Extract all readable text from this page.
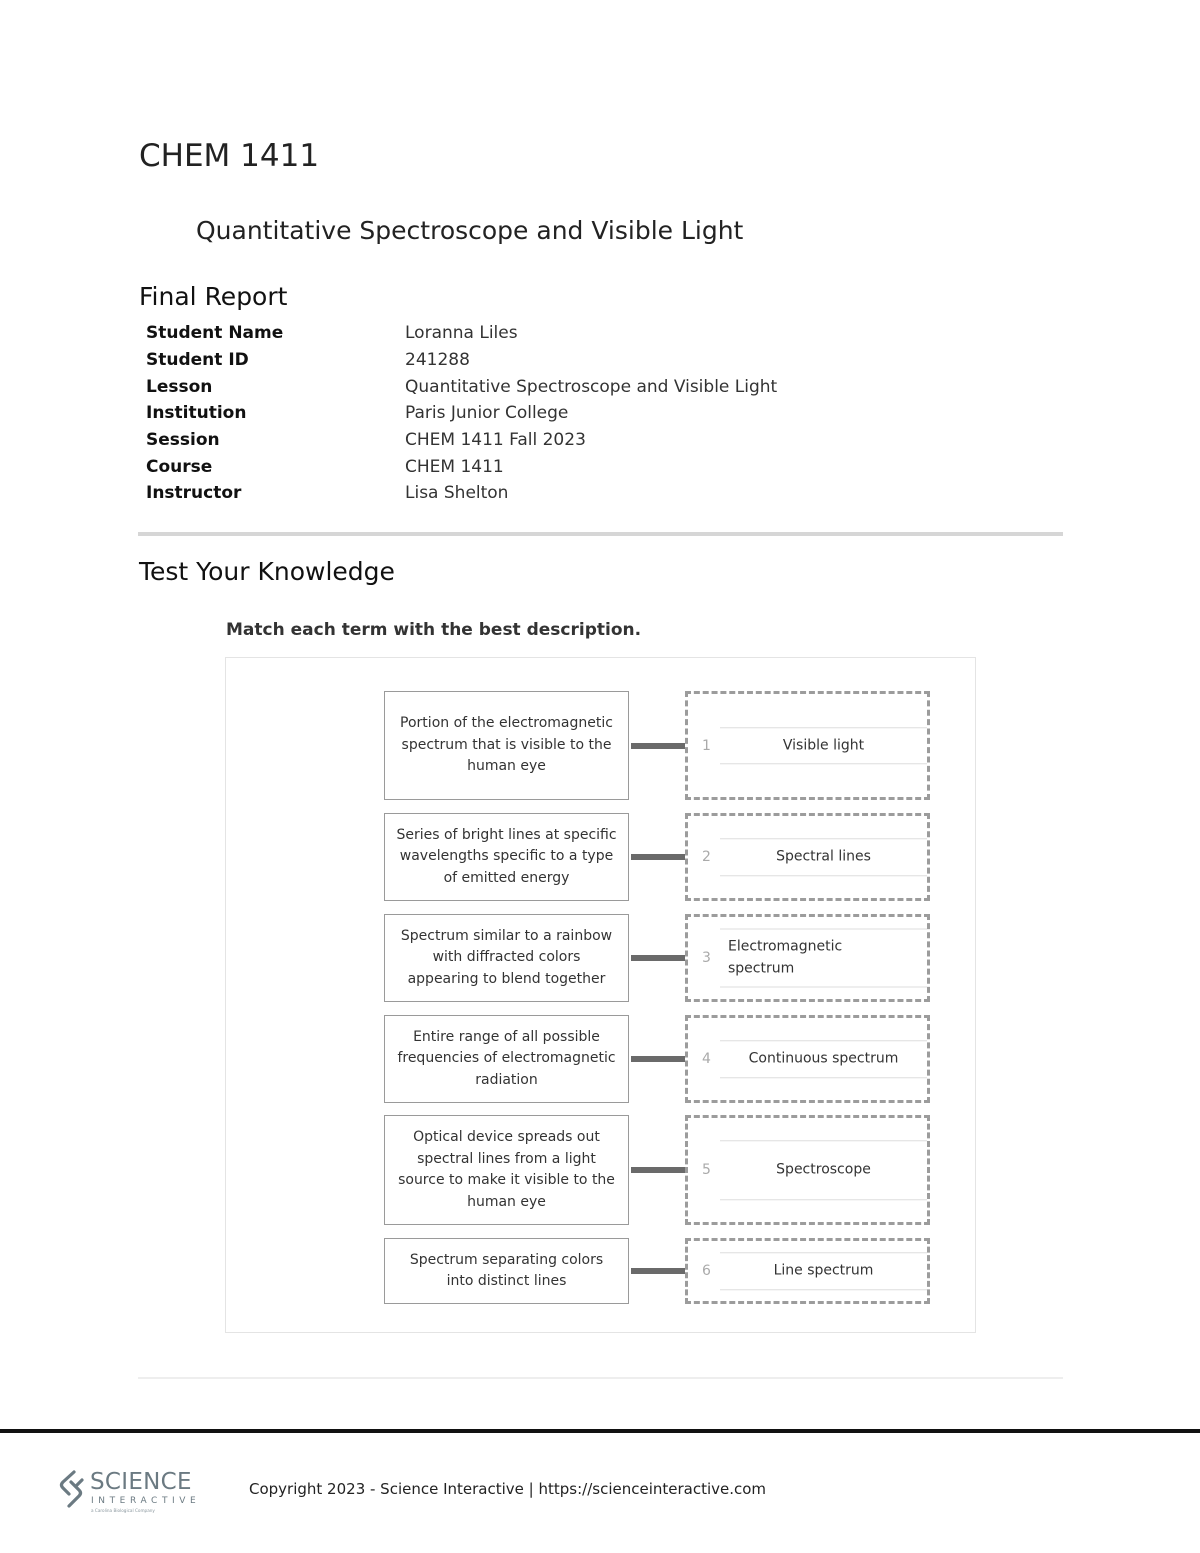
CHEM 1411
Quantitative Spectroscope and Visible Light
Final Report
Student Name	Loranna Liles
Student ID	241288
Lesson	Quantitative Spectroscope and Visible Light
Institution	Paris Junior College
Session	CHEM 1411 Fall 2023
Course	CHEM 1411
Instructor	Lisa Shelton
Test Your Knowledge

Match each term with the best description.

Portion of the electromagnetic spectrum that is visible to the human eye
1	Visible light
Series of bright lines at specific wavelengths specific to a type of emitted energy
2	Spectral lines
Spectrum similar to a rainbow with diffracted colors appearing to blend together
3
Electromagnetic spectrum
Entire range of all possible frequencies of electromagnetic radiation
4	Continuous spectrum
Optical device spreads out spectral lines from a light source to make it visible to the human eye
5	Spectroscope
Spectrum separating colors into distinct lines
6	Line spectrum
SCIENCE
INTERACTIVE
a Carolina Biological Company

Copyright 2023 - Science Interactive | https://scienceinteractive.com
